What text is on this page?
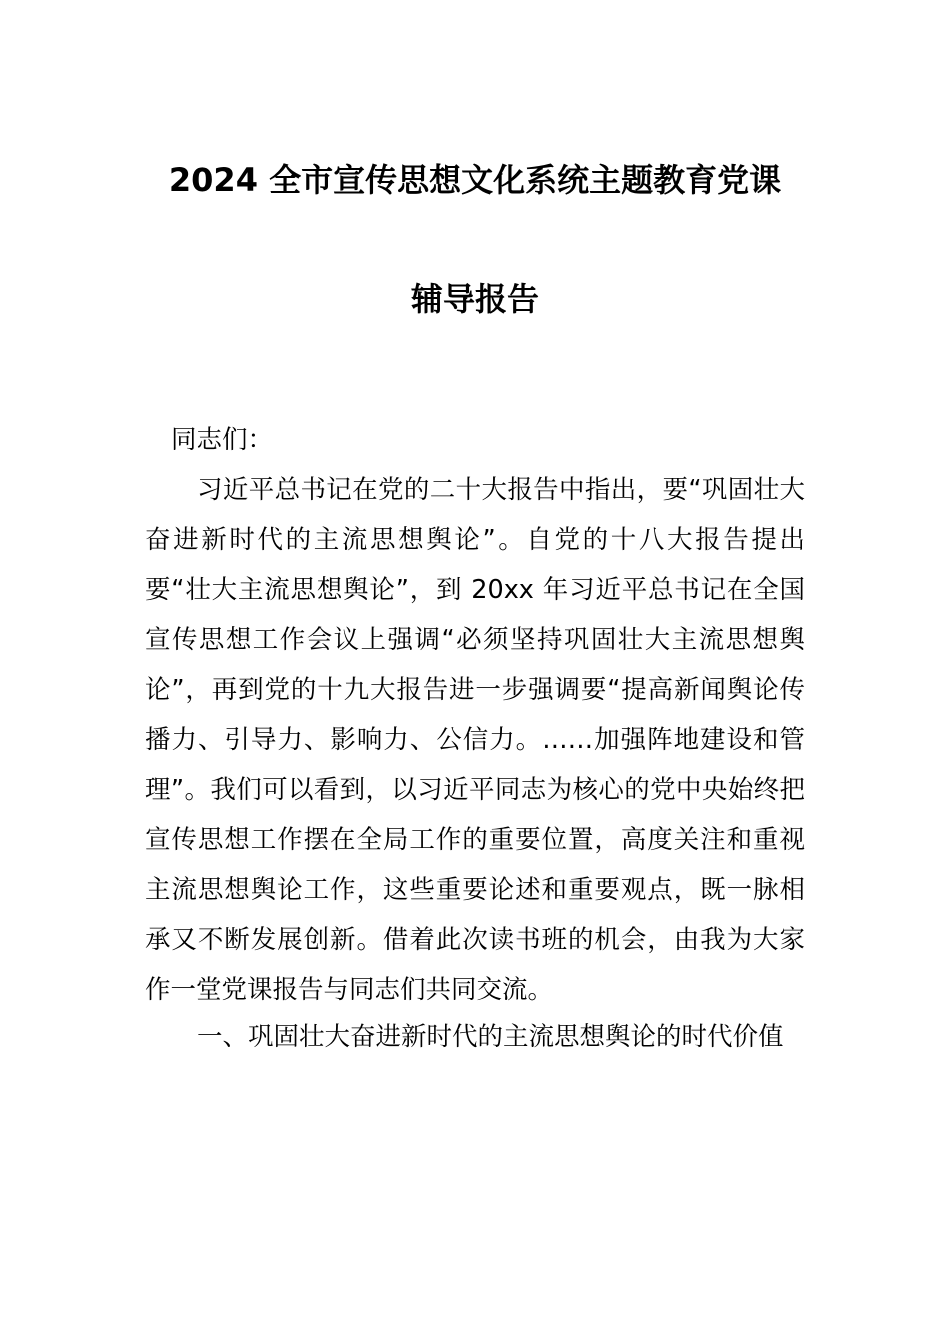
2024 全市宣传思想文化系统主题教育党课
辅导报告
同志们：
习近平总书记在党的二十大报告中指出，要“巩固壮大奋进新时代的主流思想舆论”。自党的十八大报告提出要“壮大主流思想舆论”，到 20xx 年习近平总书记在全国宣传思想工作会议上强调“必须坚持巩固壮大主流思想舆论”，再到党的十九大报告进一步强调要“提高新闻舆论传播力、引导力、影响力、公信力。……加强阵地建设和管理”。我们可以看到，以习近平同志为核心的党中央始终把宣传思想工作摆在全局工作的重要位置，高度关注和重视主流思想舆论工作，这些重要论述和重要观点，既一脉相承又不断发展创新。借着此次读书班的机会，由我为大家作一堂党课报告与同志们共同交流。
一、巩固壮大奋进新时代的主流思想舆论的时代价值
